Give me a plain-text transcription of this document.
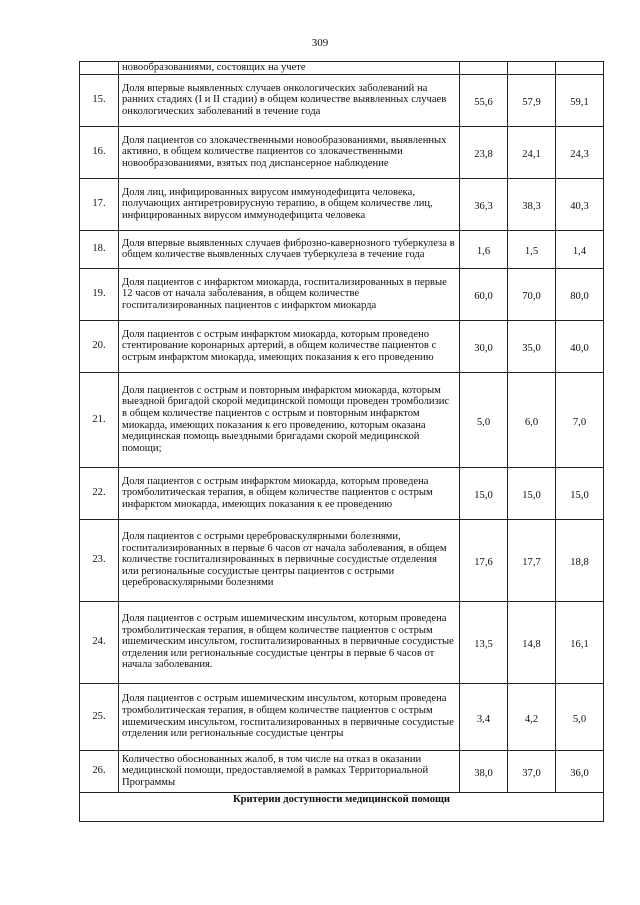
309
	новообразованиями, состоящих на учете			
15.	Доля впервые выявленных случаев онкологических заболеваний на ранних стадиях (I и II стадии) в общем количестве выявленных случаев онкологических заболеваний в течение года	55,6	57,9	59,1
16.	Доля пациентов со злокачественными новообразованиями, выявленных активно, в общем количестве пациентов со злокачественными новообразованиями, взятых под диспансерное наблюдение	23,8	24,1	24,3
17.	Доля лиц, инфицированных вирусом иммунодефицита человека, получающих антиретровирусную терапию, в общем количестве лиц, инфицированных вирусом иммунодефицита человека	36,3	38,3	40,3
18.	Доля впервые выявленных случаев фиброзно-кавернозного туберкулеза в общем количестве выявленных случаев туберкулеза в течение года	1,6	1,5	1,4
19.	Доля пациентов с инфарктом миокарда, госпитализированных в первые 12 часов от начала заболевания, в общем количестве госпитализированных пациентов с инфарктом миокарда	60,0	70,0	80,0
20.	Доля пациентов с острым инфарктом миокарда, которым проведено стентирование коронарных артерий, в общем количестве пациентов с острым инфарктом миокарда, имеющих показания к его проведению	30,0	35,0	40,0
21.	Доля пациентов с острым и повторным инфарктом миокарда, которым выездной бригадой скорой медицинской помощи проведен тромболизис в общем количестве пациентов с острым и повторным инфарктом миокарда, имеющих показания к его проведению, которым оказана медицинская помощь выездными бригадами скорой медицинской помощи;	5,0	6,0	7,0
22.	Доля пациентов с острым инфарктом миокарда, которым проведена тромболитическая терапия, в общем количестве пациентов с острым инфарктом миокарда, имеющих показания к ее проведению	15,0	15,0	15,0
23.	Доля пациентов с острыми цереброваскулярными болезнями, госпитализированных в первые 6 часов от начала заболевания, в общем количестве госпитализированных в первичные сосудистые отделения или региональные сосудистые центры пациентов с острыми цереброваскулярными болезнями	17,6	17,7	18,8
24.	Доля пациентов с острым ишемическим инсультом, которым проведена тромболитическая терапия, в общем количестве пациентов с острым ишемическим инсультом, госпитализированных в первичные сосудистые отделения или региональные сосудистые центры в первые 6 часов от начала заболевания.	13,5	14,8	16,1
25.	Доля пациентов с острым ишемическим инсультом, которым проведена тромболитическая терапия, в общем количестве пациентов с острым ишемическим инсультом, госпитализированных в первичные сосудистые отделения или региональные сосудистые центры	3,4	4,2	5,0
26.	Количество обоснованных жалоб, в том числе на отказ в оказании медицинской помощи, предоставляемой в рамках Территориальной Программы	38,0	37,0	36,0

Критерии доступности медицинской помощи				
